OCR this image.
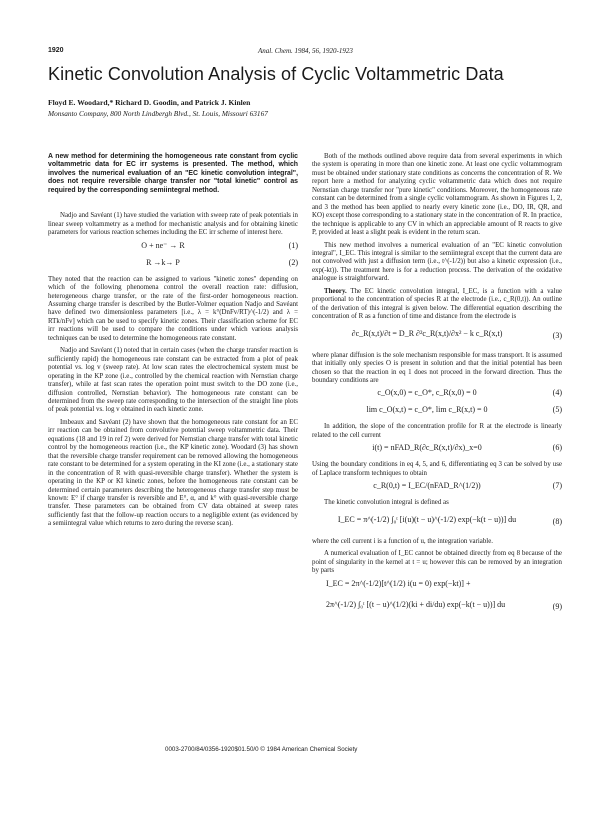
1920	Anal. Chem. 1984, 56, 1920-1923
Kinetic Convolution Analysis of Cyclic Voltammetric Data
Floyd E. Woodard,* Richard D. Goodin, and Patrick J. Kinlen
Monsanto Company, 800 North Lindbergh Blvd., St. Louis, Missouri 63167
A new method for determining the homogeneous rate constant from cyclic voltammetric data for EC irr systems is presented. The method, which involves the numerical evaluation of an "EC kinetic convolution integral", does not require reversible charge transfer nor "total kinetic" control as required by the corresponding semiintegral method.

Nadjo and Savéant (1) have studied the variation with sweep rate of peak potentials in linear sweep voltammetry as a method for mechanistic analysis and for obtaining kinetic parameters for various reaction schemes including the EC irr scheme of interest here.

O + ne⁻ → R	(1)
R →k→ P	(2)

They noted that the reaction can be assigned to various "kinetic zones" depending on which of the following phenomena control the overall reaction rate: diffusion, heterogeneous charge transfer, or the rate of the first-order homogeneous reaction. Assuming charge transfer is described by the Butler-Volmer equation Nadjo and Savéant have defined two dimensionless parameters [i.e., λ = k°(DnFv/RT)^(-1/2) and λ = RTk/nFv] which can be used to specify kinetic zones. Their classification scheme for EC irr reactions will be used to compare the conditions under which various analysis techniques can be used to determine the homogeneous rate constant.

Nadjo and Savéant (1) noted that in certain cases (when the charge transfer reaction is sufficiently rapid) the homogeneous rate constant can be extracted from a plot of peak potential vs. log v (sweep rate). At low scan rates the electrochemical system must be operating in the KP zone (i.e., controlled by the chemical reaction with Nernstian charge transfer), while at fast scan rates the operation point must switch to the DO zone (i.e., diffusion controlled, Nernstian behavior). The homogeneous rate constant can be determined from the sweep rate corresponding to the intersection of the straight line plots of peak potential vs. log v obtained in each kinetic zone.

Imbeaux and Savéant (2) have shown that the homogeneous rate constant for an EC irr reaction can be obtained from convolutive potential sweep voltammetric data. Their equations (18 and 19 in ref 2) were derived for Nernstian charge transfer with total kinetic control by the homogeneous reaction (i.e., the KP kinetic zone). Woodard (3) has shown that the reversible charge transfer requirement can be removed allowing the homogeneous rate constant to be determined for a system operating in the KI zone (i.e., a stationary state in the concentration of R with quasi-reversible charge transfer). Whether the system is operating in the KP or KI kinetic zones, before the homogeneous rate constant can be determined certain parameters describing the heterogeneous charge transfer step must be known: E° if charge transfer is reversible and E°, α, and k° with quasi-reversible charge transfer. These parameters can be obtained from CV data obtained at sweep rates sufficiently fast that the follow-up reaction occurs to a negligible extent (as evidenced by a semiintegral value which returns to zero during the reverse scan).

Both of the methods outlined above require data from several experiments in which the system is operating in more than one kinetic zone. At least one cyclic voltammogram must be obtained under stationary state conditions as concerns the concentration of R. We report here a method for analyzing cyclic voltammetric data which does not require Nernstian charge transfer nor "pure kinetic" conditions. Moreover, the homogeneous rate constant can be determined from a single cyclic voltammogram. As shown in Figures 1, 2, and 3 the method has been applied to nearly every kinetic zone (i.e., DO, IR, QR, and KO) except those corresponding to a stationary state in the concentration of R. In practice, the technique is applicable to any CV in which an appreciable amount of R reacts to give P, provided at least a slight peak is evident in the return scan.

This new method involves a numerical evaluation of an "EC kinetic convolution integral", I_EC. This integral is similar to the semiintegral except that the current data are not convolved with just a diffusion term (i.e., t^(-1/2)) but also a kinetic expression (i.e., exp(-kt)). The treatment here is for a reduction process. The derivation of the oxidative analogue is straightforward.

Theory. The EC kinetic convolution integral, I_EC, is a function with a value proportional to the concentration of species R at the electrode (i.e., c_R(0,t)). An outline of the derivation of this integral is given below. The differential equation describing the concentration of R as a function of time and distance from the electrode is

∂c_R(x,t)/∂t = D_R ∂²c_R(x,t)/∂x² − k c_R(x,t)	(3)

where planar diffusion is the sole mechanism responsible for mass transport. It is assumed that initially only species O is present in solution and that the initial potential has been chosen so that the reaction in eq 1 does not proceed in the forward direction. Thus the boundary conditions are

c_O(x,0) = c_O*, c_R(x,0) = 0	(4)
lim c_O(x,t) = c_O*, lim c_R(x,t) = 0	(5)

In addition, the slope of the concentration profile for R at the electrode is linearly related to the cell current

i(t) = nFAD_R(∂c_R(x,t)/∂x)_x=0	(6)

Using the boundary conditions in eq 4, 5, and 6, differentiating eq 3 can be solved by use of Laplace transform techniques to obtain

c_R(0,t) = I_EC/(nFAD_R^(1/2))	(7)

The kinetic convolution integral is defined as

I_EC = π^(-1/2) ∫₀ᵗ [i(u)(t − u)^(-1/2) exp(−k(t − u))] du	(8)

where the cell current i is a function of u, the integration variable.

A numerical evaluation of I_EC cannot be obtained directly from eq 8 because of the point of singularity in the kernel at t = u; however this can be removed by an integration by parts

I_EC = 2π^(-1/2)[t^(1/2) i(u = 0) exp(−kt)] +
2π^(-1/2) ∫₀ᵗ [(t − u)^(1/2)(ki + di/du) exp(−k(t − u))] du	(9)
0003-2700/84/0356-1920$01.50/0 © 1984 American Chemical Society
